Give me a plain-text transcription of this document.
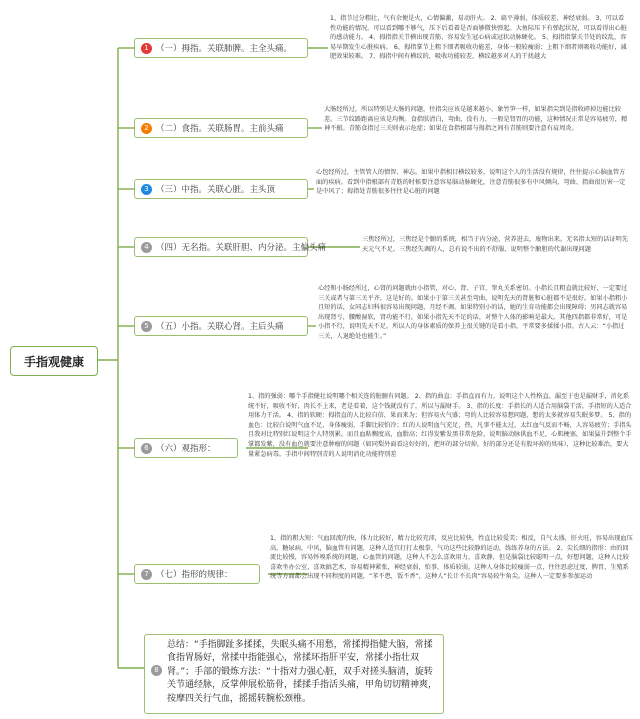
手指观健康
1 （一）拇指。关联肺脾。主全头痛。
1、指节过分粗壮，气有余便是火，心情偏激，易动肝火。 2、扁平薄弱，体质较差，神经衰弱。 3、可以看性功能的情况。可以看到哪不够气，压下后看着是否面够微快弹起。大鱼际压下有弹起状况，可以看得出心脏的感动能力。 4、拇指指关节横出现青筋，容易发生冠心病或冠状动脉硬化。 5、拇指指掌关节处的纹乱，容易早期发生心脏疾病。 6、拇指掌节上粗下细者吸收功能差，身体一般较瘦弱；上粗下细者则吸收功能好，减肥效果较难。 7、拇指中间有横纹的，吸收功能较差，横纹越多对人的干扰越大
2 （二）食指。关联肠胃。主前头痛
大肠经所过，所以特别是大肠的问题，往指尖应该是越来越小，象竹笋一样，如果指尖到是指收碎掉边能比较差。三节纹路距离应该是均衡。食指肤清白，弯曲，没有力，一般是肾胃的功能，这种情况正常是容易疲劳，精神不振。青筋食指过三关则表示危症；如果在食指根部与拇指之间有青筋则要注意有肩周炎。
3 （三）中指。关联心脏。主头顶
心包经所过，主管管人的情智、神志。如果中指相目横纹较多，说明这个人的生活没有规律，往往提示心脑血管方面的疾病。看到中指根部有青筋的时候要注意容易脑动脉硬化，注意青筋很多有中风倾向，弯曲、指曲很厉害一定是中风了；拇指处青筋很多往往是心脏的问题
4 （四）无名指。关联肝胆、内分泌。主偏头痛
三焦经所过，三焦经是个腑的系统，相当于内分泌，营养进去，废物出来。无名指太短的话证明先天元气不足。三焦经失调的人，总有说不出的不舒服，说明整个腑胆的代谢出现问题
5 （五）小指。关联心肾。主后头痛
心经和小肠经所过，心肾的问题就由小指管，对心、肾、子宫、睾丸关系密切。小指长且粗直就比较好，一定要过三关或者与第三关平齐，这是好的。如果小于第三关甚至弯曲，说明先天的肾脏和心脏都不是很好。如果小指粗小且短的话，女同志妇科很容易出现问题，月经不调。如果特别小的话，她的生育功能都会出现障碍；男同志就容易出现肾亏，腰酸湿软，肾功能不行。如果小指先天不足的话，对整个人体的影响是最大。其他四指都非常好，可是小指不行，说明先天不足。所以人的身体素质的保养上很关键的是看小指，平常要多揉揉小指。古人云：“小指过三关，人退绝处也能生。”
6 （六）观指形：
1、指的强弱：哪个手指健壮说明哪个相关连的脏腑有问题。 2、指的曲直：手指直而有力，说明这个人性格直、漏至于也是漏财手，消化系统不好，吸收不好，肉长不上来，老是看着，这个钱就没有了，所以与漏财手。 3、指的长度：手指长的人适合用脑袋干活，手指短的人适合用体力干活。 4、指的软硬：拇指直的人比较自信，果而来为；但容易火气盛；弯的人比较容易想问题，想的太多就容易失眠多梦。 5、指的血色：比较白说明气血不足，身体瘦弱，手脚比较怕冷；红的人说明血气充足，热，凡事不能太过，太红血气反而不畅，人容易疲劳；手指头且我对比特别红说明这个人特别累。而且血粘稠度高，血脂高；红得发紫发黑非常危险，说明脑动脉供血不足，心肌梗塞，如果猛升到整个手掌都发紫，没有血色就要注意肿瘤的问题（如同梨外面看这好好的，把坏的部分切掉，好的部分还是有股坏掉的臭味），这种比较难治，要大量紧急病毒。手指中间特别青的人说明消化功能特别差
7 （七）指形的规律：
1、指的粗大短：气血回流的快，体力比较好，精力比较充沛，反应比较快，性直比较爱美；相反，自气太盛，肝火旺，容易出现血压高，糖尿病，中风，脑血管有问题，这种人适宜打打太极拳，气功这些比较静的运动，练练养身的方法。 2、尖长细的指形：由的回流比较慢，容易怀嗅系统的问题，心血管的问题，这种人不怎么喜欢用力，喜欢静，但是脑袋比较聪明一点，好想问题，这种人比较喜欢坐办公室，喜欢搞艺术，容易精神紧张，神经衰弱，怕事，体质较弱，这种人身体比较瘦弱一点，往往思虑过度，脾胃，生殖系统等方面都会出现不同程度的问题，“苯不患，饭不香”，这种人“长计不长肉”容易较牛角尖。这种人一定要多参加运动
8
总结：“手指脚趾多揉揉，失眠头痛不用愁，常揉拇指健大脑，常揉食指胃肠好，常揉中指能强心，常揉环指肝平安，常揉小指壮双肾。”；手部的锻炼方法：“十指对力强心脏，双手对搓头脑清，旋转关节通经脉，反掌伸展松筋骨，揉揉手指活头痛，甲角切切精神爽，按摩四关行气血，摇摇转腕松颈椎。
